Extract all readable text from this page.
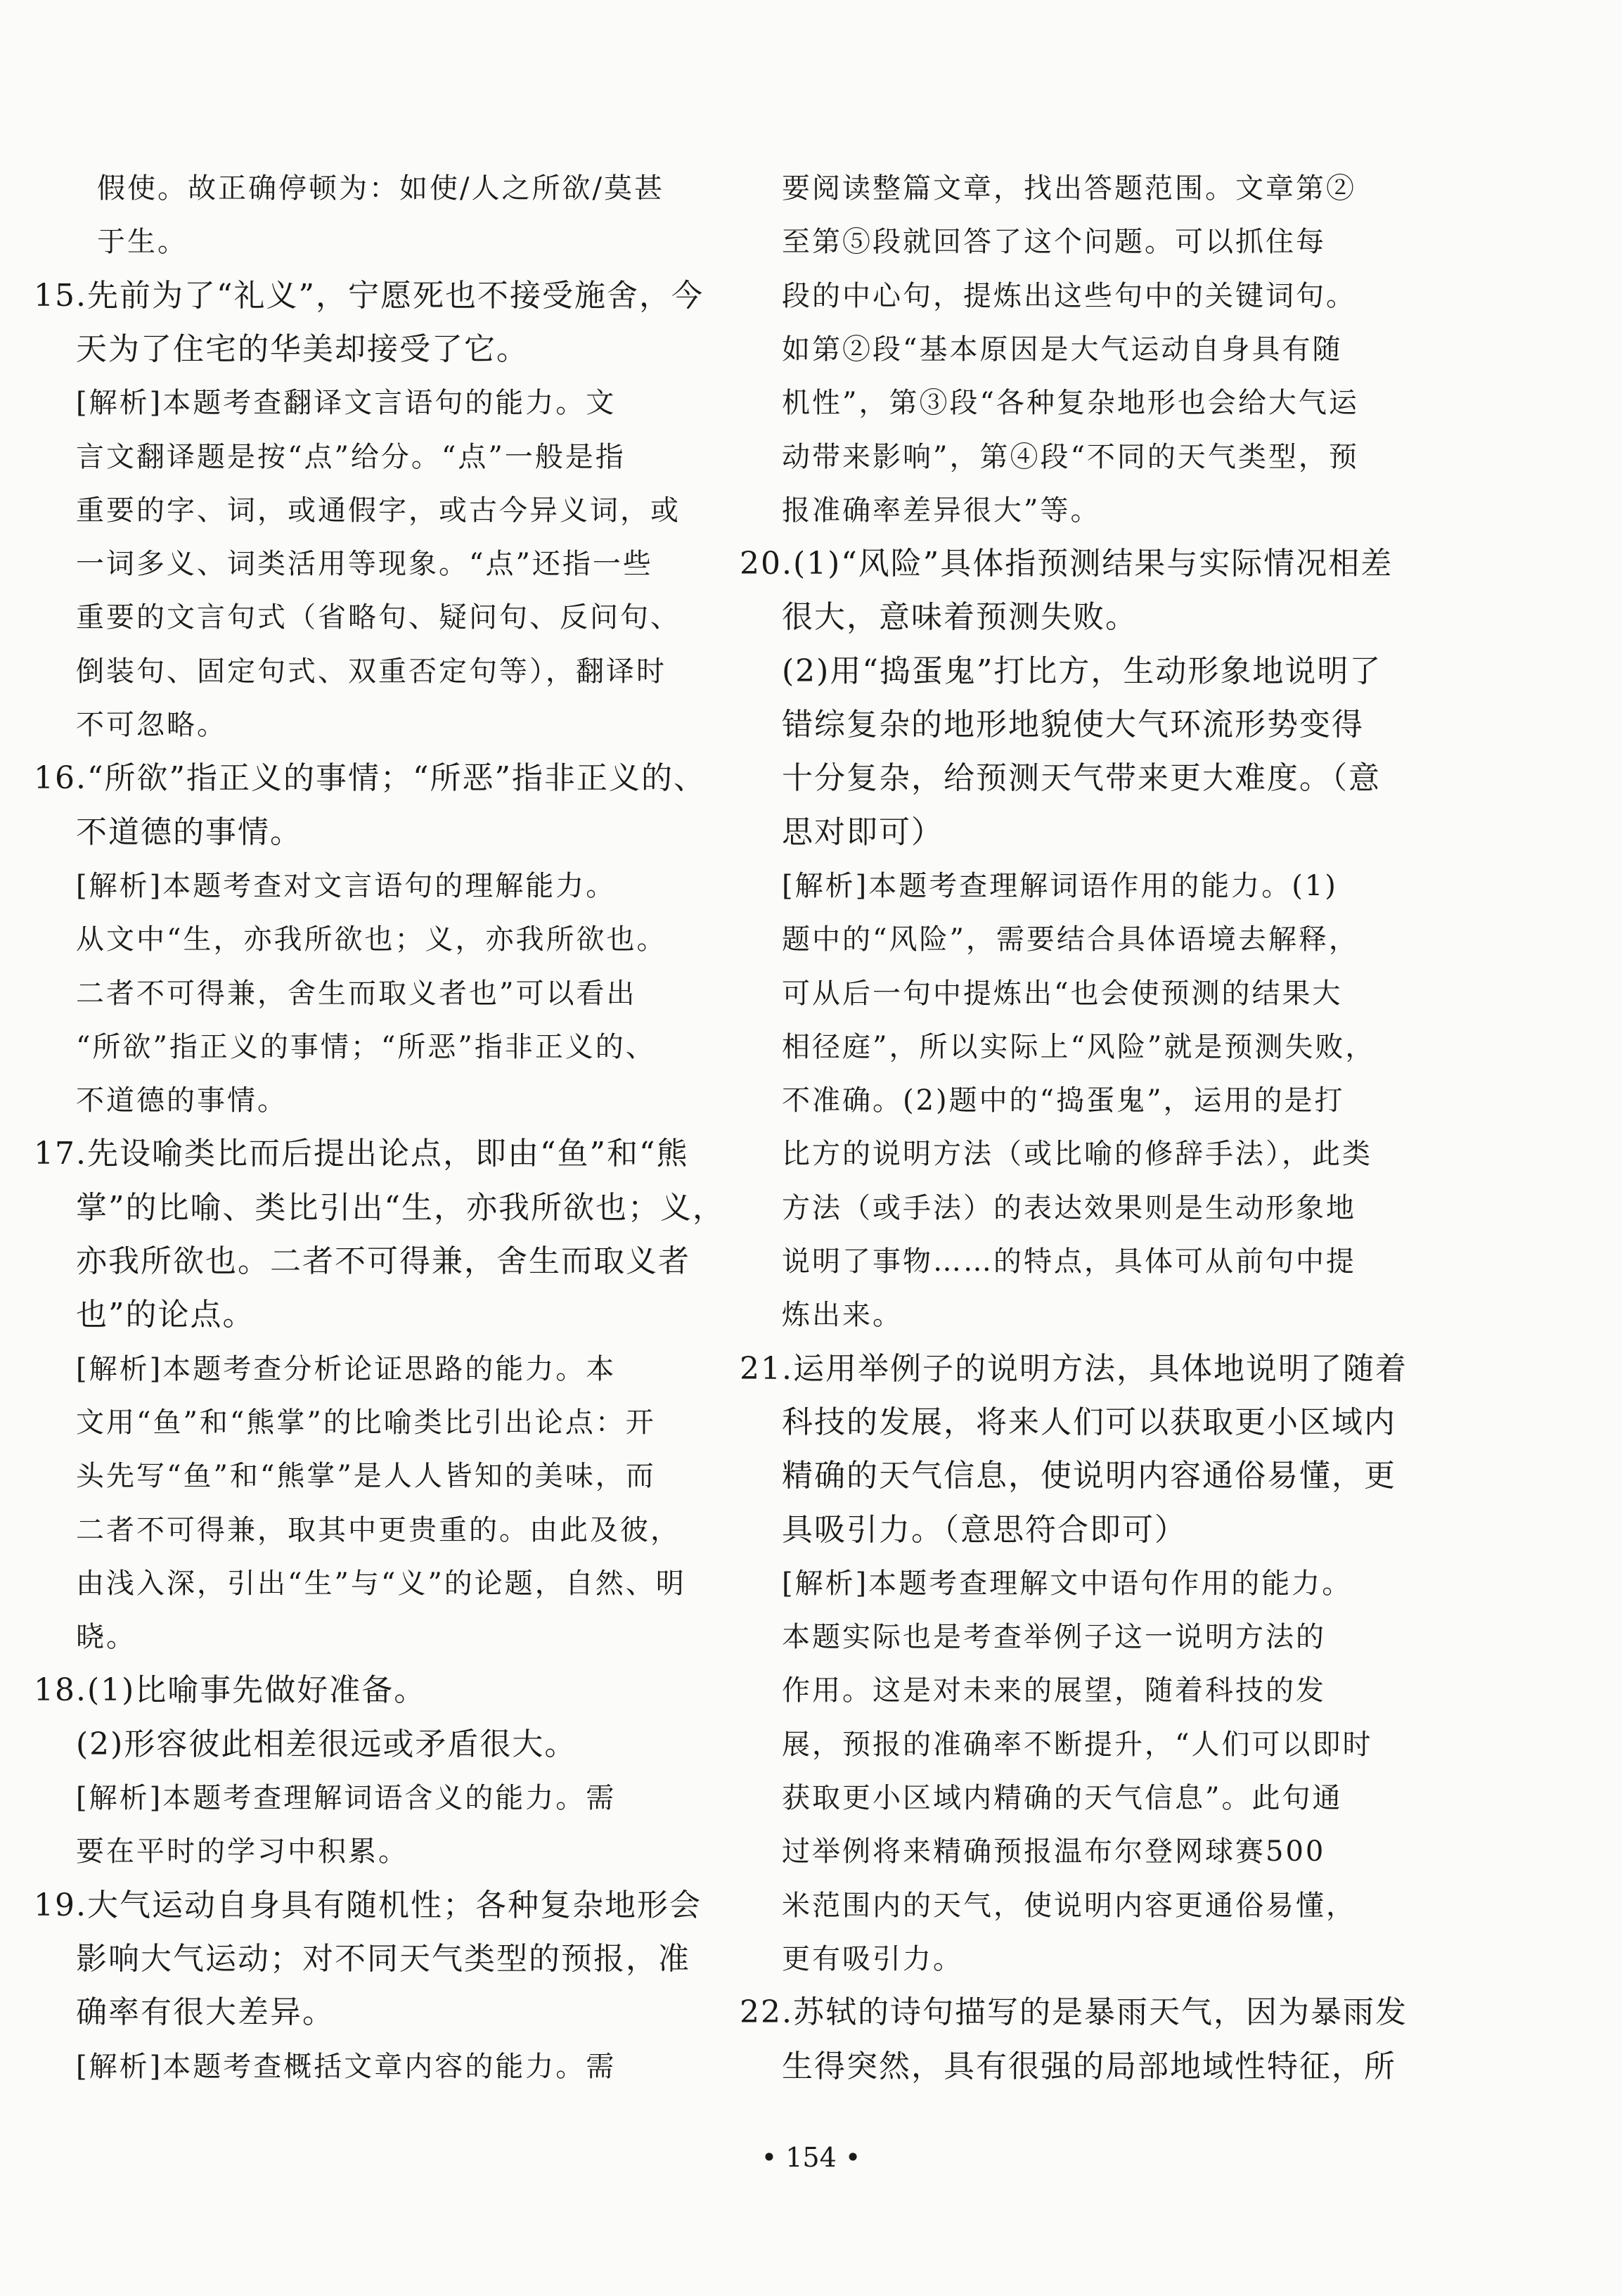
假使。故正确停顿为：如使/人之所欲/莫甚
于生。
15.先前为了“礼义”，宁愿死也不接受施舍，今
天为了住宅的华美却接受了它。
[解析]本题考查翻译文言语句的能力。文
言文翻译题是按“点”给分。“点”一般是指
重要的字、词，或通假字，或古今异义词，或
一词多义、词类活用等现象。“点”还指一些
重要的文言句式（省略句、疑问句、反问句、
倒装句、固定句式、双重否定句等），翻译时
不可忽略。
16.“所欲”指正义的事情；“所恶”指非正义的、
不道德的事情。
[解析]本题考查对文言语句的理解能力。
从文中“生，亦我所欲也；义，亦我所欲也。
二者不可得兼，舍生而取义者也”可以看出
“所欲”指正义的事情；“所恶”指非正义的、
不道德的事情。
17.先设喻类比而后提出论点，即由“鱼”和“熊
掌”的比喻、类比引出“生，亦我所欲也；义，
亦我所欲也。二者不可得兼，舍生而取义者
也”的论点。
[解析]本题考查分析论证思路的能力。本
文用“鱼”和“熊掌”的比喻类比引出论点：开
头先写“鱼”和“熊掌”是人人皆知的美味，而
二者不可得兼，取其中更贵重的。由此及彼，
由浅入深，引出“生”与“义”的论题，自然、明
晓。
18.(1)比喻事先做好准备。
(2)形容彼此相差很远或矛盾很大。
[解析]本题考查理解词语含义的能力。需
要在平时的学习中积累。
19.大气运动自身具有随机性；各种复杂地形会
影响大气运动；对不同天气类型的预报，准
确率有很大差异。
[解析]本题考查概括文章内容的能力。需
要阅读整篇文章，找出答题范围。文章第②
至第⑤段就回答了这个问题。可以抓住每
段的中心句，提炼出这些句中的关键词句。
如第②段“基本原因是大气运动自身具有随
机性”，第③段“各种复杂地形也会给大气运
动带来影响”，第④段“不同的天气类型，预
报准确率差异很大”等。
20.(1)“风险”具体指预测结果与实际情况相差
很大，意味着预测失败。
(2)用“捣蛋鬼”打比方，生动形象地说明了
错综复杂的地形地貌使大气环流形势变得
十分复杂，给预测天气带来更大难度。（意
思对即可）
[解析]本题考查理解词语作用的能力。(1)
题中的“风险”，需要结合具体语境去解释，
可从后一句中提炼出“也会使预测的结果大
相径庭”，所以实际上“风险”就是预测失败，
不准确。(2)题中的“捣蛋鬼”，运用的是打
比方的说明方法（或比喻的修辞手法），此类
方法（或手法）的表达效果则是生动形象地
说明了事物……的特点，具体可从前句中提
炼出来。
21.运用举例子的说明方法，具体地说明了随着
科技的发展，将来人们可以获取更小区域内
精确的天气信息，使说明内容通俗易懂，更
具吸引力。（意思符合即可）
[解析]本题考查理解文中语句作用的能力。
本题实际也是考查举例子这一说明方法的
作用。这是对未来的展望，随着科技的发
展，预报的准确率不断提升，“人们可以即时
获取更小区域内精确的天气信息”。此句通
过举例将来精确预报温布尔登网球赛500
米范围内的天气，使说明内容更通俗易懂，
更有吸引力。
22.苏轼的诗句描写的是暴雨天气，因为暴雨发
生得突然，具有很强的局部地域性特征，所
• 154 •
